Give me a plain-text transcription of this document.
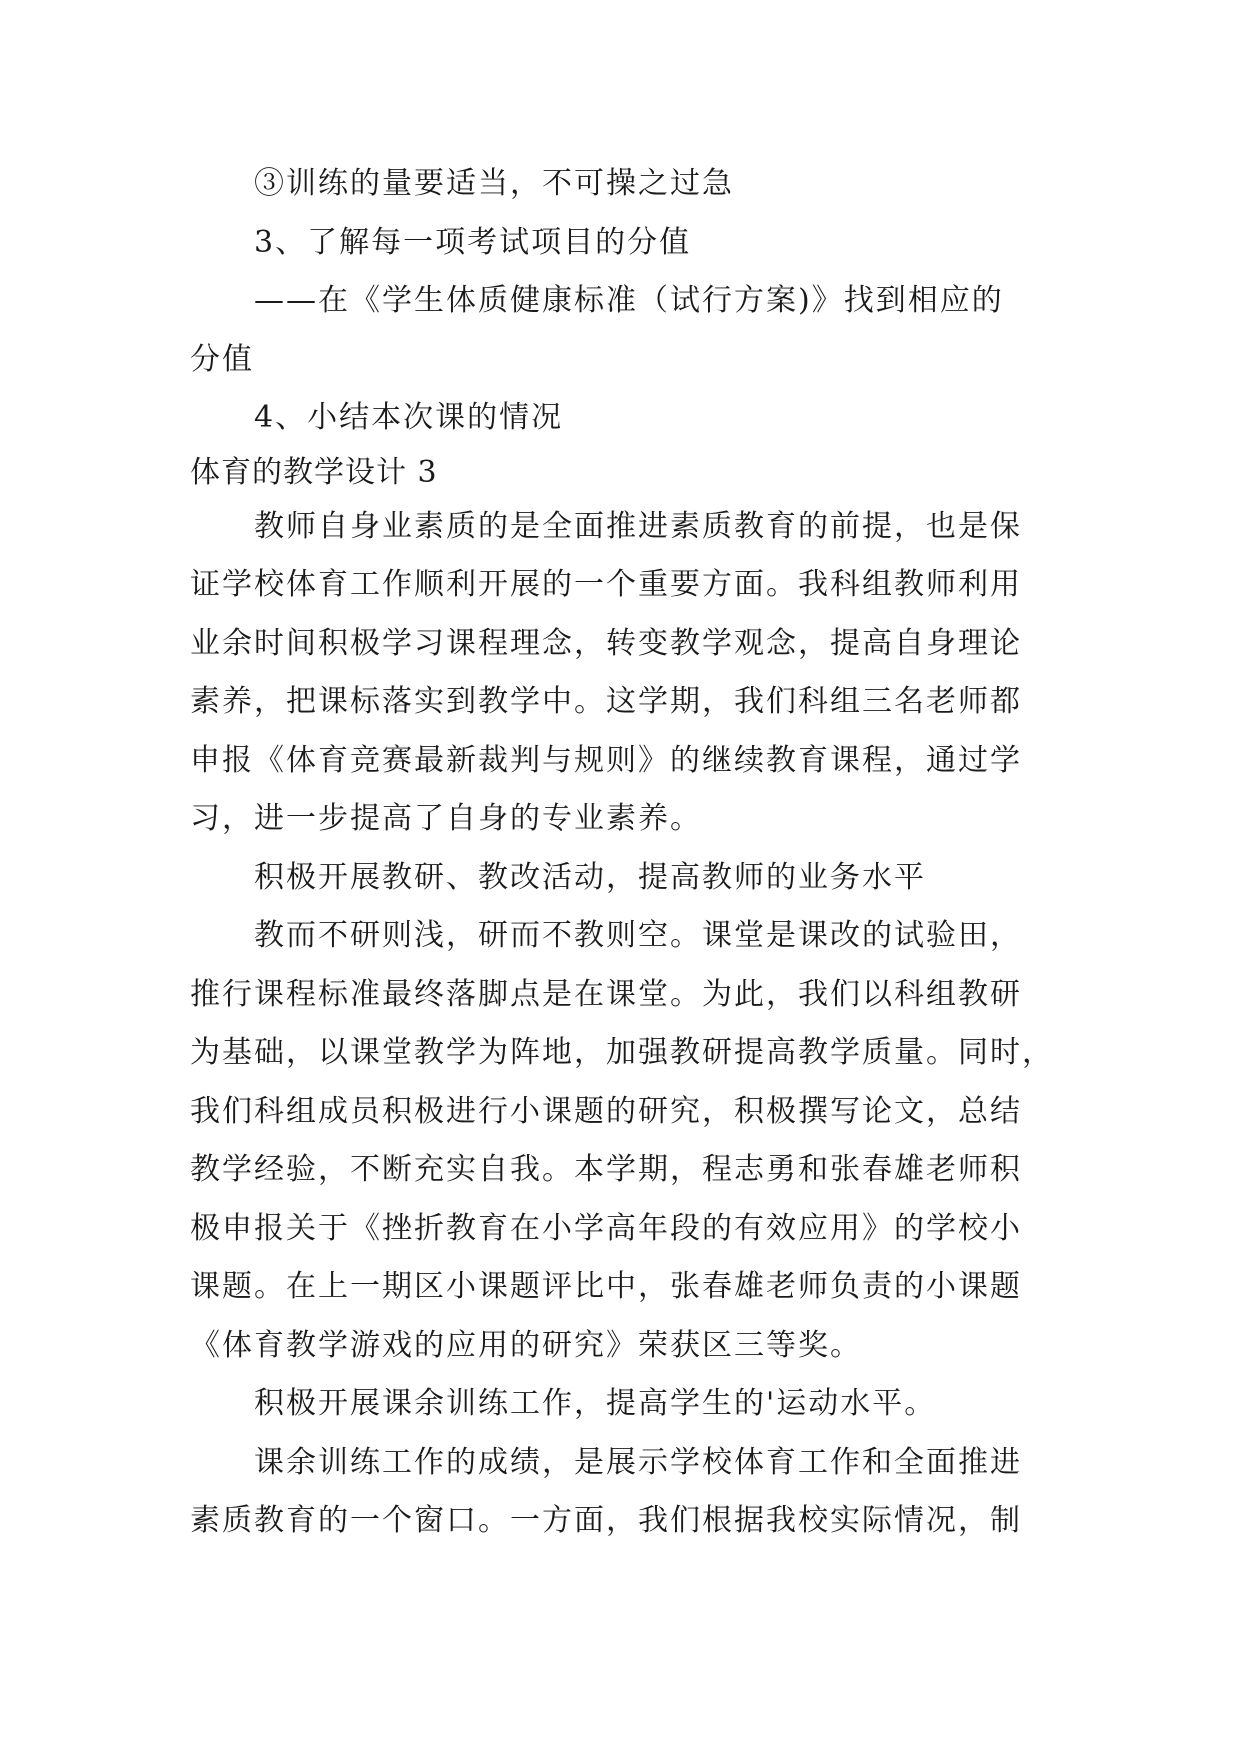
③训练的量要适当，不可操之过急
3、了解每一项考试项目的分值
——在《学生体质健康标准（试行方案)》找到相应的
分值
4、小结本次课的情况
体育的教学设计 3
教师自身业素质的是全面推进素质教育的前提，也是保
证学校体育工作顺利开展的一个重要方面。我科组教师利用
业余时间积极学习课程理念，转变教学观念，提高自身理论
素养，把课标落实到教学中。这学期，我们科组三名老师都
申报《体育竞赛最新裁判与规则》的继续教育课程，通过学
习，进一步提高了自身的专业素养。
积极开展教研、教改活动，提高教师的业务水平
教而不研则浅，研而不教则空。课堂是课改的试验田，
推行课程标准最终落脚点是在课堂。为此，我们以科组教研
为基础，以课堂教学为阵地，加强教研提高教学质量。同时，
我们科组成员积极进行小课题的研究，积极撰写论文，总结
教学经验，不断充实自我。本学期，程志勇和张春雄老师积
极申报关于《挫折教育在小学高年段的有效应用》的学校小
课题。在上一期区小课题评比中，张春雄老师负责的小课题
《体育教学游戏的应用的研究》荣获区三等奖。
积极开展课余训练工作，提高学生的'运动水平。
课余训练工作的成绩，是展示学校体育工作和全面推进
素质教育的一个窗口。一方面，我们根据我校实际情况，制
